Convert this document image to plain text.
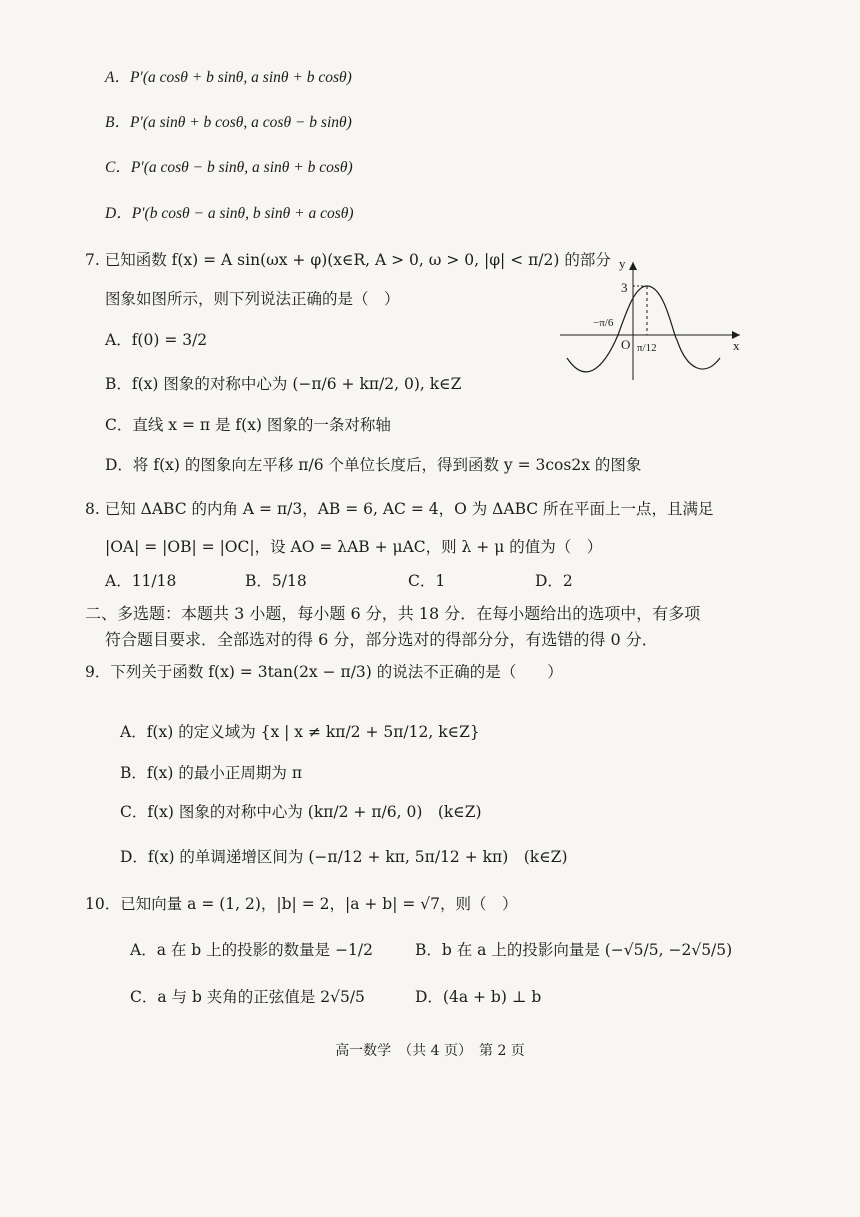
A．P′(a cosθ + b sinθ, a sinθ + b cosθ)
B．P′(a sinθ + b cosθ, a cosθ − b sinθ)
C．P′(a cosθ − b sinθ, a sinθ + b cosθ)
D．P′(b cosθ − a sinθ, b sinθ + a cosθ)
7. 已知函数 f(x) = A sin(ωx + φ)(x∈R, A > 0, ω > 0, |φ| < π/2) 的部分
图象如图所示，则下列说法正确的是（　）
A．f(0) = 3/2
B．f(x) 图象的对称中心为 (−π/6 + kπ/2, 0), k∈Z
C．直线 x = π 是 f(x) 图象的一条对称轴
D．将 f(x) 的图象向左平移 π/6 个单位长度后，得到函数 y = 3cos2x 的图象
y
x
O
3
−π/6
π/12
8. 已知 ΔABC 的内角 A = π/3，AB = 6, AC = 4，O 为 ΔABC 所在平面上一点，且满足
|OA| = |OB| = |OC|，设 AO = λAB + μAC，则 λ + μ 的值为（　）
A．11/18	B．5/18	C．1	D．2
二、多选题：本题共 3 小题，每小题 6 分，共 18 分．在每小题给出的选项中，有多项
符合题目要求．全部选对的得 6 分，部分选对的得部分分，有选错的得 0 分．
9．下列关于函数 f(x) = 3tan(2x − π/3) 的说法不正确的是（　　）
A．f(x) 的定义域为 {x | x ≠ kπ/2 + 5π/12, k∈Z}
B．f(x) 的最小正周期为 π
C．f(x) 图象的对称中心为 (kπ/2 + π/6, 0)　(k∈Z)
D．f(x) 的单调递增区间为 (−π/12 + kπ, 5π/12 + kπ)　(k∈Z)
10．已知向量 a = (1, 2)，|b| = 2，|a + b| = √7，则（　）
A．a 在 b 上的投影的数量是 −1/2	B．b 在 a 上的投影向量是 (−√5/5, −2√5/5)
C．a 与 b 夹角的正弦值是 2√5/5	D．(4a + b) ⊥ b
高一数学　（共 4 页）　第 2 页
